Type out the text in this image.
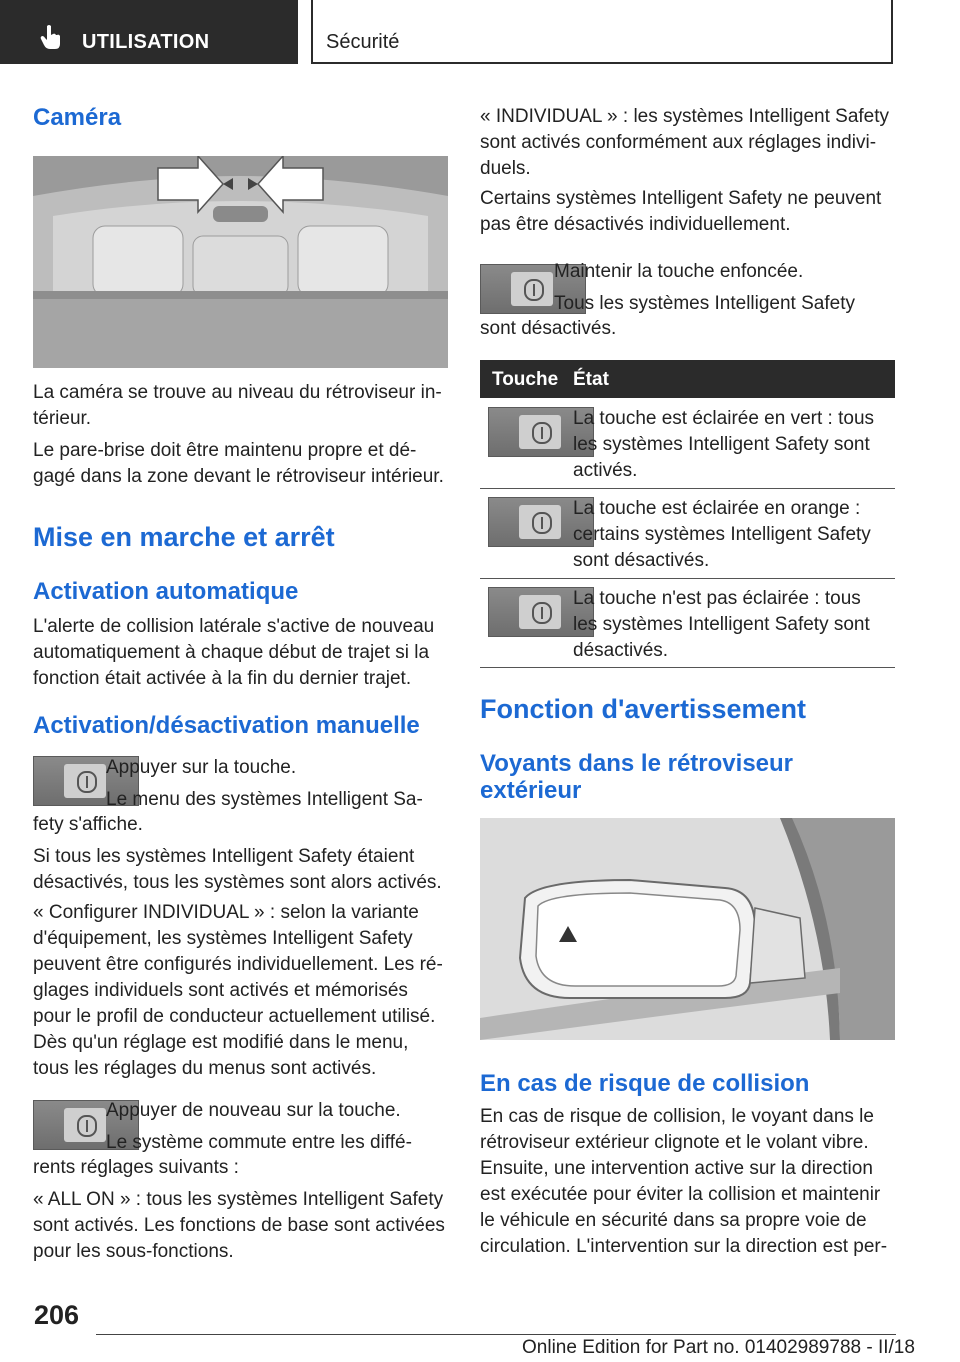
UTILISATION	Sécurité
Caméra

La caméra se trouve au niveau du rétroviseur in-
térieur.

Le pare-brise doit être maintenu propre et dé-
gagé dans la zone devant le rétroviseur intérieur.

Mise en marche et arrêt
Activation automatique

L'alerte de collision latérale s'active de nouveau
automatiquement à chaque début de trajet si la
fonction était activée à la fin du dernier trajet.

Activation/désactivation manuelle

Appuyer sur la touche.

Le menu des systèmes Intelligent Sa-

fety s'affiche.

Si tous les systèmes Intelligent Safety étaient
désactivés, tous les systèmes sont alors activés.

« Configurer INDIVIDUAL » : selon la variante
d'équipement, les systèmes Intelligent Safety
peuvent être configurés individuellement. Les ré-
glages individuels sont activés et mémorisés
pour le profil de conducteur actuellement utilisé.
Dès qu'un réglage est modifié dans le menu,
tous les réglages du menus sont activés.

Appuyer de nouveau sur la touche.

Le système commute entre les diffé-

rents réglages suivants :

« ALL ON » : tous les systèmes Intelligent Safety
sont activés. Les fonctions de base sont activées
pour les sous-fonctions.

« INDIVIDUAL » : les systèmes Intelligent Safety
sont activés conformément aux réglages indivi-
duels.

Certains systèmes Intelligent Safety ne peuvent
pas être désactivés individuellement.

Maintenir la touche enfoncée.

Tous les systèmes Intelligent Safety

sont désactivés.

Touche État

La touche est éclairée en vert : tous
les systèmes Intelligent Safety sont
activés.

La touche est éclairée en orange :
certains systèmes Intelligent Safety
sont désactivés.

La touche n'est pas éclairée : tous
les systèmes Intelligent Safety sont
désactivés.

Fonction d'avertissement
Voyants dans le rétroviseur
extérieur
En cas de risque de collision

En cas de risque de collision, le voyant dans le
rétroviseur extérieur clignote et le volant vibre.
Ensuite, une intervention active sur la direction
est exécutée pour éviter la collision et maintenir
le véhicule en sécurité dans sa propre voie de
circulation. L'intervention sur la direction est per-

206
Online Edition for Part no. 01402989788 - II/18
